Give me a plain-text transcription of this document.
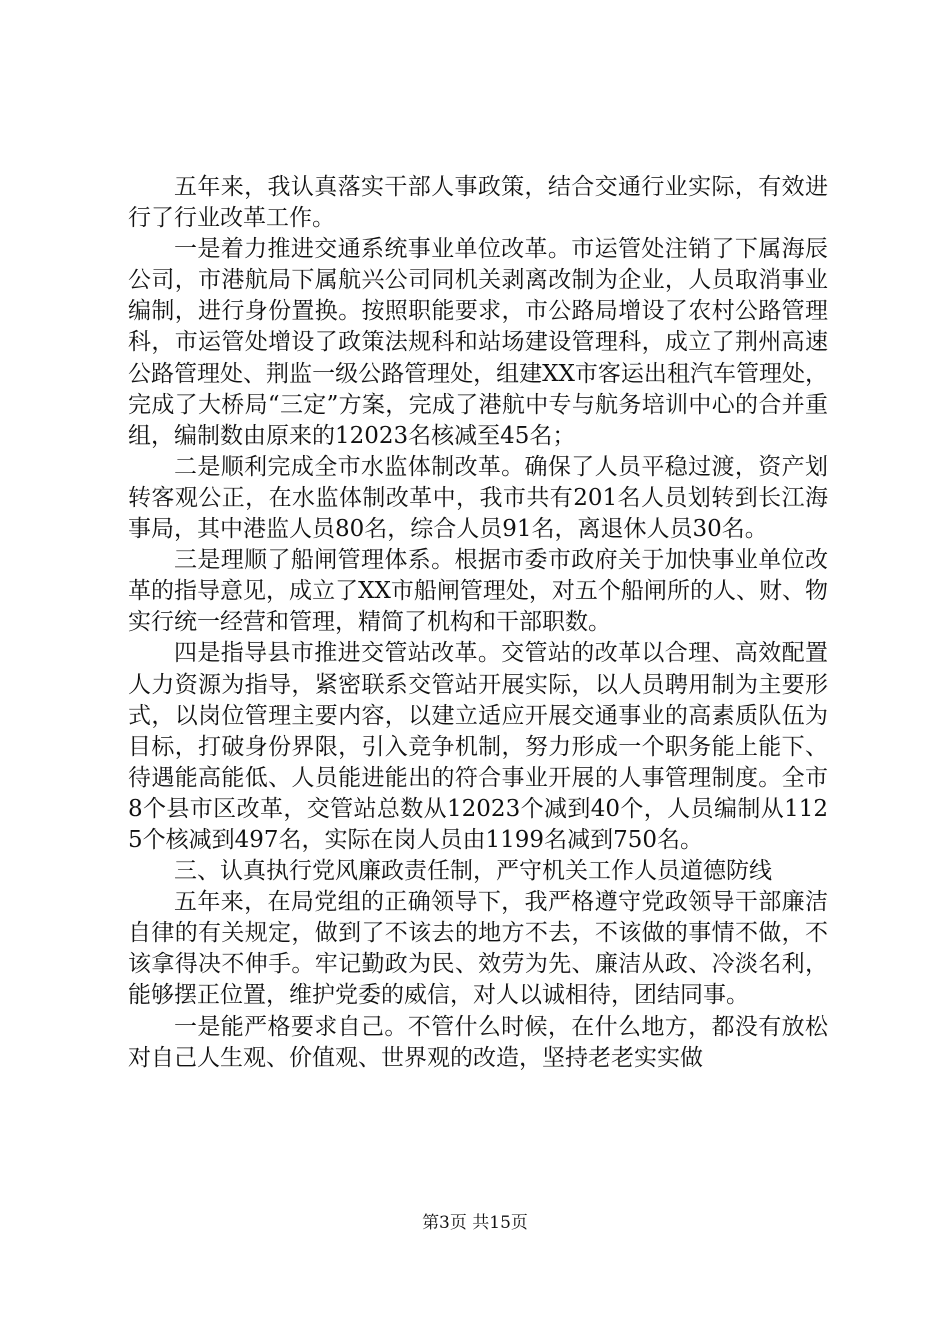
五年来，我认真落实干部人事政策，结合交通行业实际，有效进行了行业改革工作。

一是着力推进交通系统事业单位改革。市运管处注销了下属海辰公司，市港航局下属航兴公司同机关剥离改制为企业，人员取消事业编制，进行身份置换。按照职能要求，市公路局增设了农村公路管理科，市运管处增设了政策法规科和站场建设管理科，成立了荆州高速公路管理处、荆监一级公路管理处，组建XX市客运出租汽车管理处，完成了大桥局“三定”方案，完成了港航中专与航务培训中心的合并重组，编制数由原来的12023名核减至45名；

二是顺利完成全市水监体制改革。确保了人员平稳过渡，资产划转客观公正，在水监体制改革中，我市共有201名人员划转到长江海事局，其中港监人员80名，综合人员91名，离退休人员30名。

三是理顺了船闸管理体系。根据市委市政府关于加快事业单位改革的指导意见，成立了XX市船闸管理处，对五个船闸所的人、财、物实行统一经营和管理，精简了机构和干部职数。

四是指导县市推进交管站改革。交管站的改革以合理、高效配置人力资源为指导，紧密联系交管站开展实际，以人员聘用制为主要形式，以岗位管理主要内容，以建立适应开展交通事业的高素质队伍为目标，打破身份界限，引入竞争机制，努力形成一个职务能上能下、待遇能高能低、人员能进能出的符合事业开展的人事管理制度。全市8个县市区改革，交管站总数从12023个减到40个，人员编制从1125个核减到497名，实际在岗人员由1199名减到750名。

三、认真执行党风廉政责任制，严守机关工作人员道德防线

五年来，在局党组的正确领导下，我严格遵守党政领导干部廉洁自律的有关规定，做到了不该去的地方不去，不该做的事情不做，不该拿得决不伸手。牢记勤政为民、效劳为先、廉洁从政、冷淡名利，能够摆正位置，维护党委的威信，对人以诚相待，团结同事。

一是能严格要求自己。不管什么时候，在什么地方，都没有放松对自己人生观、价值观、世界观的改造，坚持老老实实做

第3页 共15页
